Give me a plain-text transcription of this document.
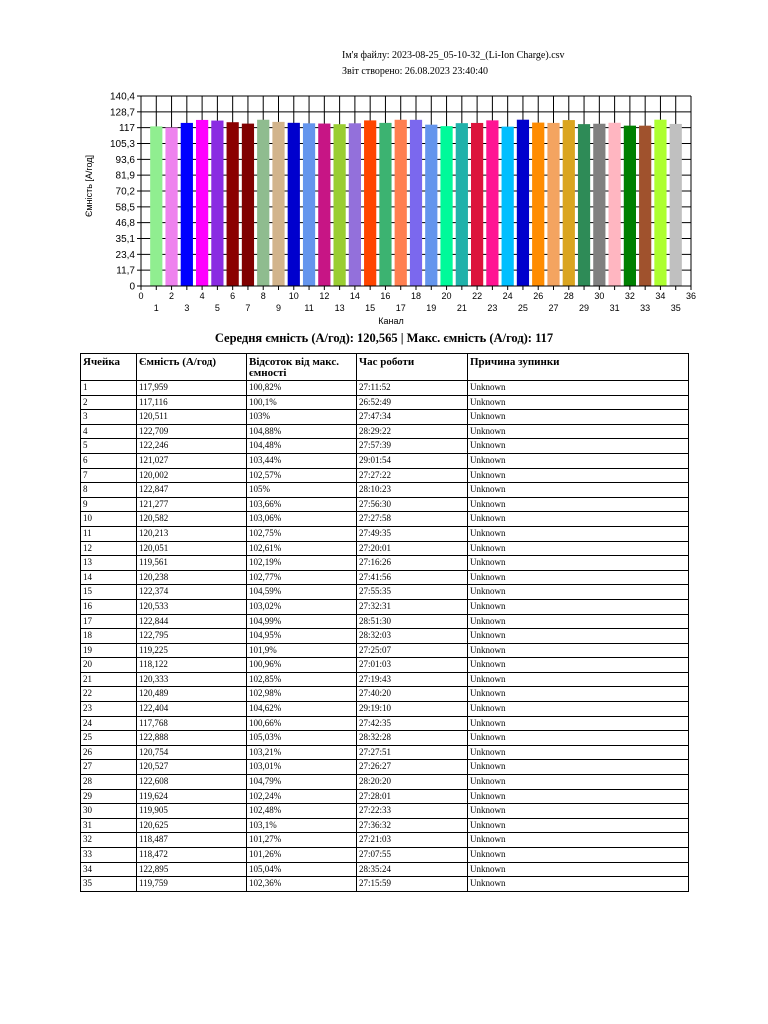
Ім'я файлу: 2023-08-25_05-10-32_(Li-Ion Charge).csv
Звіт створено: 26.08.2023 23:40:40
0
11,7
23,4
35,1
46,8
58,5
70,2
81,9
93,6
105,3
117
128,7
140,4
0
1
2
3
4
5
6
7
8
9
10
11
12
13
14
15
16
17
18
19
20
21
22
23
24
25
26
27
28
29
30
31
32
33
34
35
36
Канал
Ємність [А/год]
Середня ємність (А/год): 120,565 | Макс. ємність (А/год): 117
Ячейка	Ємність (А/год)	Відсоток від макс. ємності	Час роботи	Причина зупинки
1	117,959	100,82%	27:11:52	Unknown
2	117,116	100,1%	26:52:49	Unknown
3	120,511	103%	27:47:34	Unknown
4	122,709	104,88%	28:29:22	Unknown
5	122,246	104,48%	27:57:39	Unknown
6	121,027	103,44%	29:01:54	Unknown
7	120,002	102,57%	27:27:22	Unknown
8	122,847	105%	28:10:23	Unknown
9	121,277	103,66%	27:56:30	Unknown
10	120,582	103,06%	27:27:58	Unknown
11	120,213	102,75%	27:49:35	Unknown
12	120,051	102,61%	27:20:01	Unknown
13	119,561	102,19%	27:16:26	Unknown
14	120,238	102,77%	27:41:56	Unknown
15	122,374	104,59%	27:55:35	Unknown
16	120,533	103,02%	27:32:31	Unknown
17	122,844	104,99%	28:51:30	Unknown
18	122,795	104,95%	28:32:03	Unknown
19	119,225	101,9%	27:25:07	Unknown
20	118,122	100,96%	27:01:03	Unknown
21	120,333	102,85%	27:19:43	Unknown
22	120,489	102,98%	27:40:20	Unknown
23	122,404	104,62%	29:19:10	Unknown
24	117,768	100,66%	27:42:35	Unknown
25	122,888	105,03%	28:32:28	Unknown
26	120,754	103,21%	27:27:51	Unknown
27	120,527	103,01%	27:26:27	Unknown
28	122,608	104,79%	28:20:20	Unknown
29	119,624	102,24%	27:28:01	Unknown
30	119,905	102,48%	27:22:33	Unknown
31	120,625	103,1%	27:36:32	Unknown
32	118,487	101,27%	27:21:03	Unknown
33	118,472	101,26%	27:07:55	Unknown
34	122,895	105,04%	28:35:24	Unknown
35	119,759	102,36%	27:15:59	Unknown
